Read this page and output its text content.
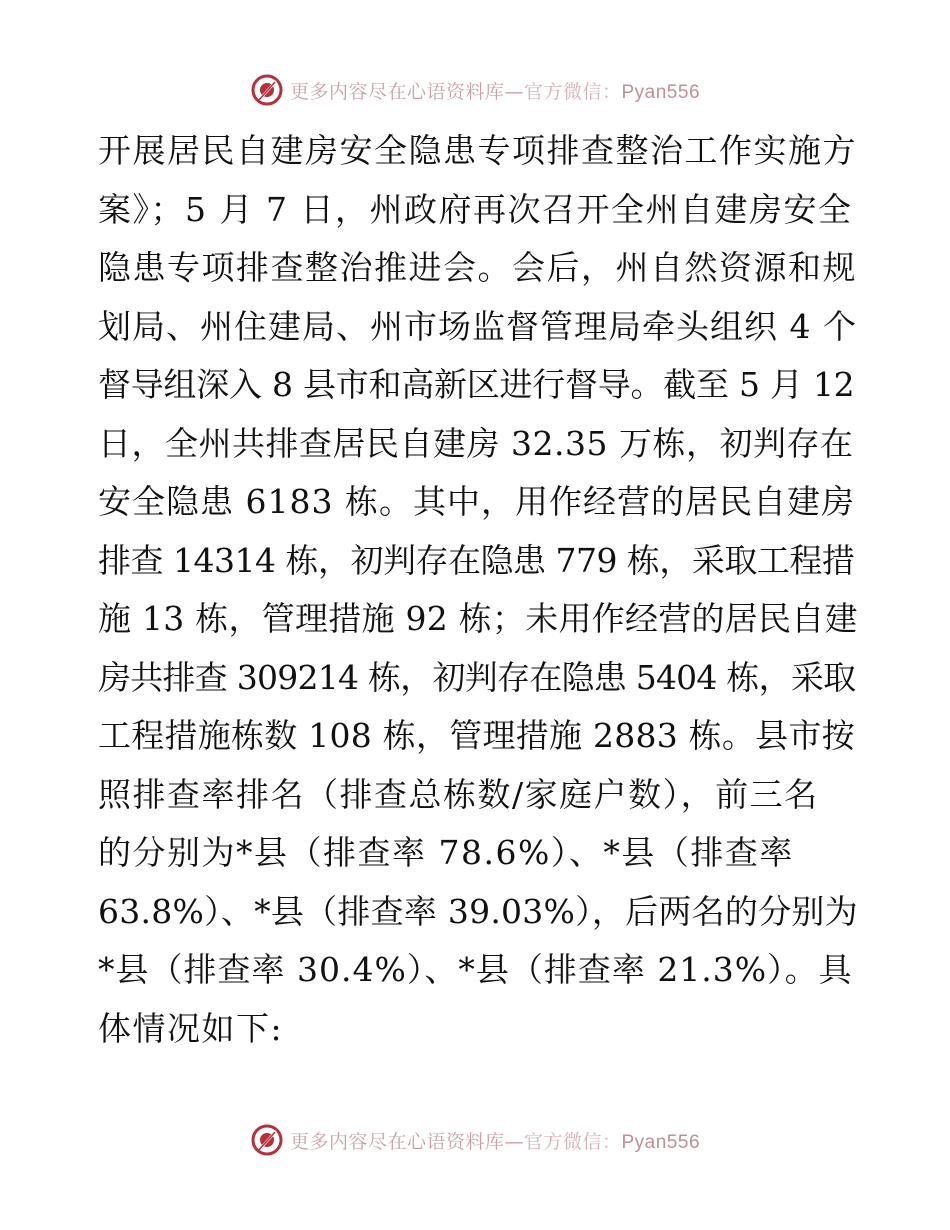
更多内容尽在心语资料库—官方微信：Pyan556
开展居民自建房安全隐患专项排查整治工作实施方
案》；5 月 7 日，州政府再次召开全州自建房安全
隐患专项排查整治推进会。会后，州自然资源和规
划局、州住建局、州市场监督管理局牵头组织 4 个
督导组深入 8 县市和高新区进行督导。截至 5 月 12
日，全州共排查居民自建房 32.35 万栋，初判存在
安全隐患 6183 栋。其中，用作经营的居民自建房
排查 14314 栋，初判存在隐患 779 栋，采取工程措
施 13 栋，管理措施 92 栋；未用作经营的居民自建
房共排查 309214 栋，初判存在隐患 5404 栋，采取
工程措施栋数 108 栋，管理措施 2883 栋。县市按
照排查率排名（排查总栋数/家庭户数），前三名
的分别为*县（排查率 78.6%）、*县（排查率
63.8%）、*县（排查率 39.03%），后两名的分别为
*县（排查率 30.4%）、*县（排查率 21.3%）。具
体情况如下:
更多内容尽在心语资料库—官方微信：Pyan556
